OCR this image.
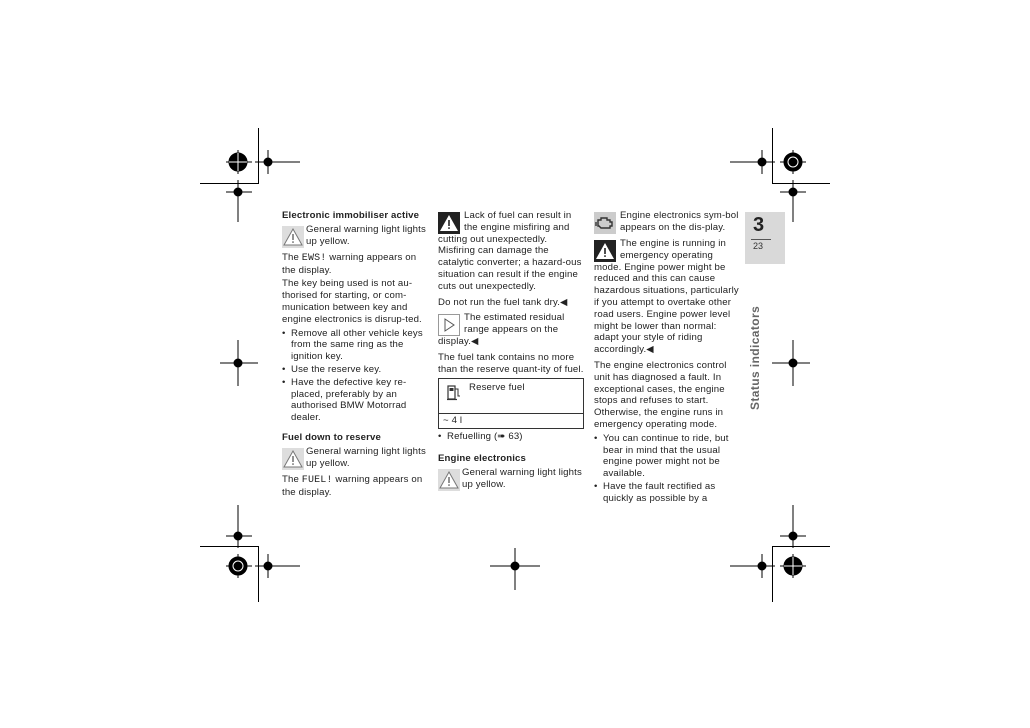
Electronic immobiliser active
General warning light lights up yellow.

The EWS! warning appears on the display.

The key being used is not au-thorised for starting, or com-munication between key and engine electronics is disrup-ted.

• Remove all other vehicle keys from the same ring as the ignition key.
• Use the reserve key.
• Have the defective key re-placed, preferably by an authorised BMW Motorrad dealer.
Fuel down to reserve
General warning light lights up yellow.

The FUEL! warning appears on the display.

Lack of fuel can result in the engine misfiring and cutting out unexpectedly. Misfiring can damage the catalytic converter; a hazard-ous situation can result if the engine cuts out unexpectedly.

Do not run the fuel tank dry.◀

The estimated residual range appears on the display.◀

The fuel tank contains no more than the reserve quant-ity of fuel.

Reserve fuel
~ 4 l
• Refuelling (➠ 63)
Engine electronics
General warning light lights up yellow.
Engine electronics sym-bol appears on the dis-play.
The engine is running in emergency operating mode. Engine power might be reduced and this can cause hazardous situations, particularly if you attempt to overtake other road users. Engine power level might be lower than normal: adapt your style of riding accordingly.◀

The engine electronics control unit has diagnosed a fault. In exceptional cases, the engine stops and refuses to start. Otherwise, the engine runs in emergency operating mode.

• You can continue to ride, but bear in mind that the usual engine power might not be available.
• Have the fault rectified as quickly as possible by a
3
23
Status indicators
